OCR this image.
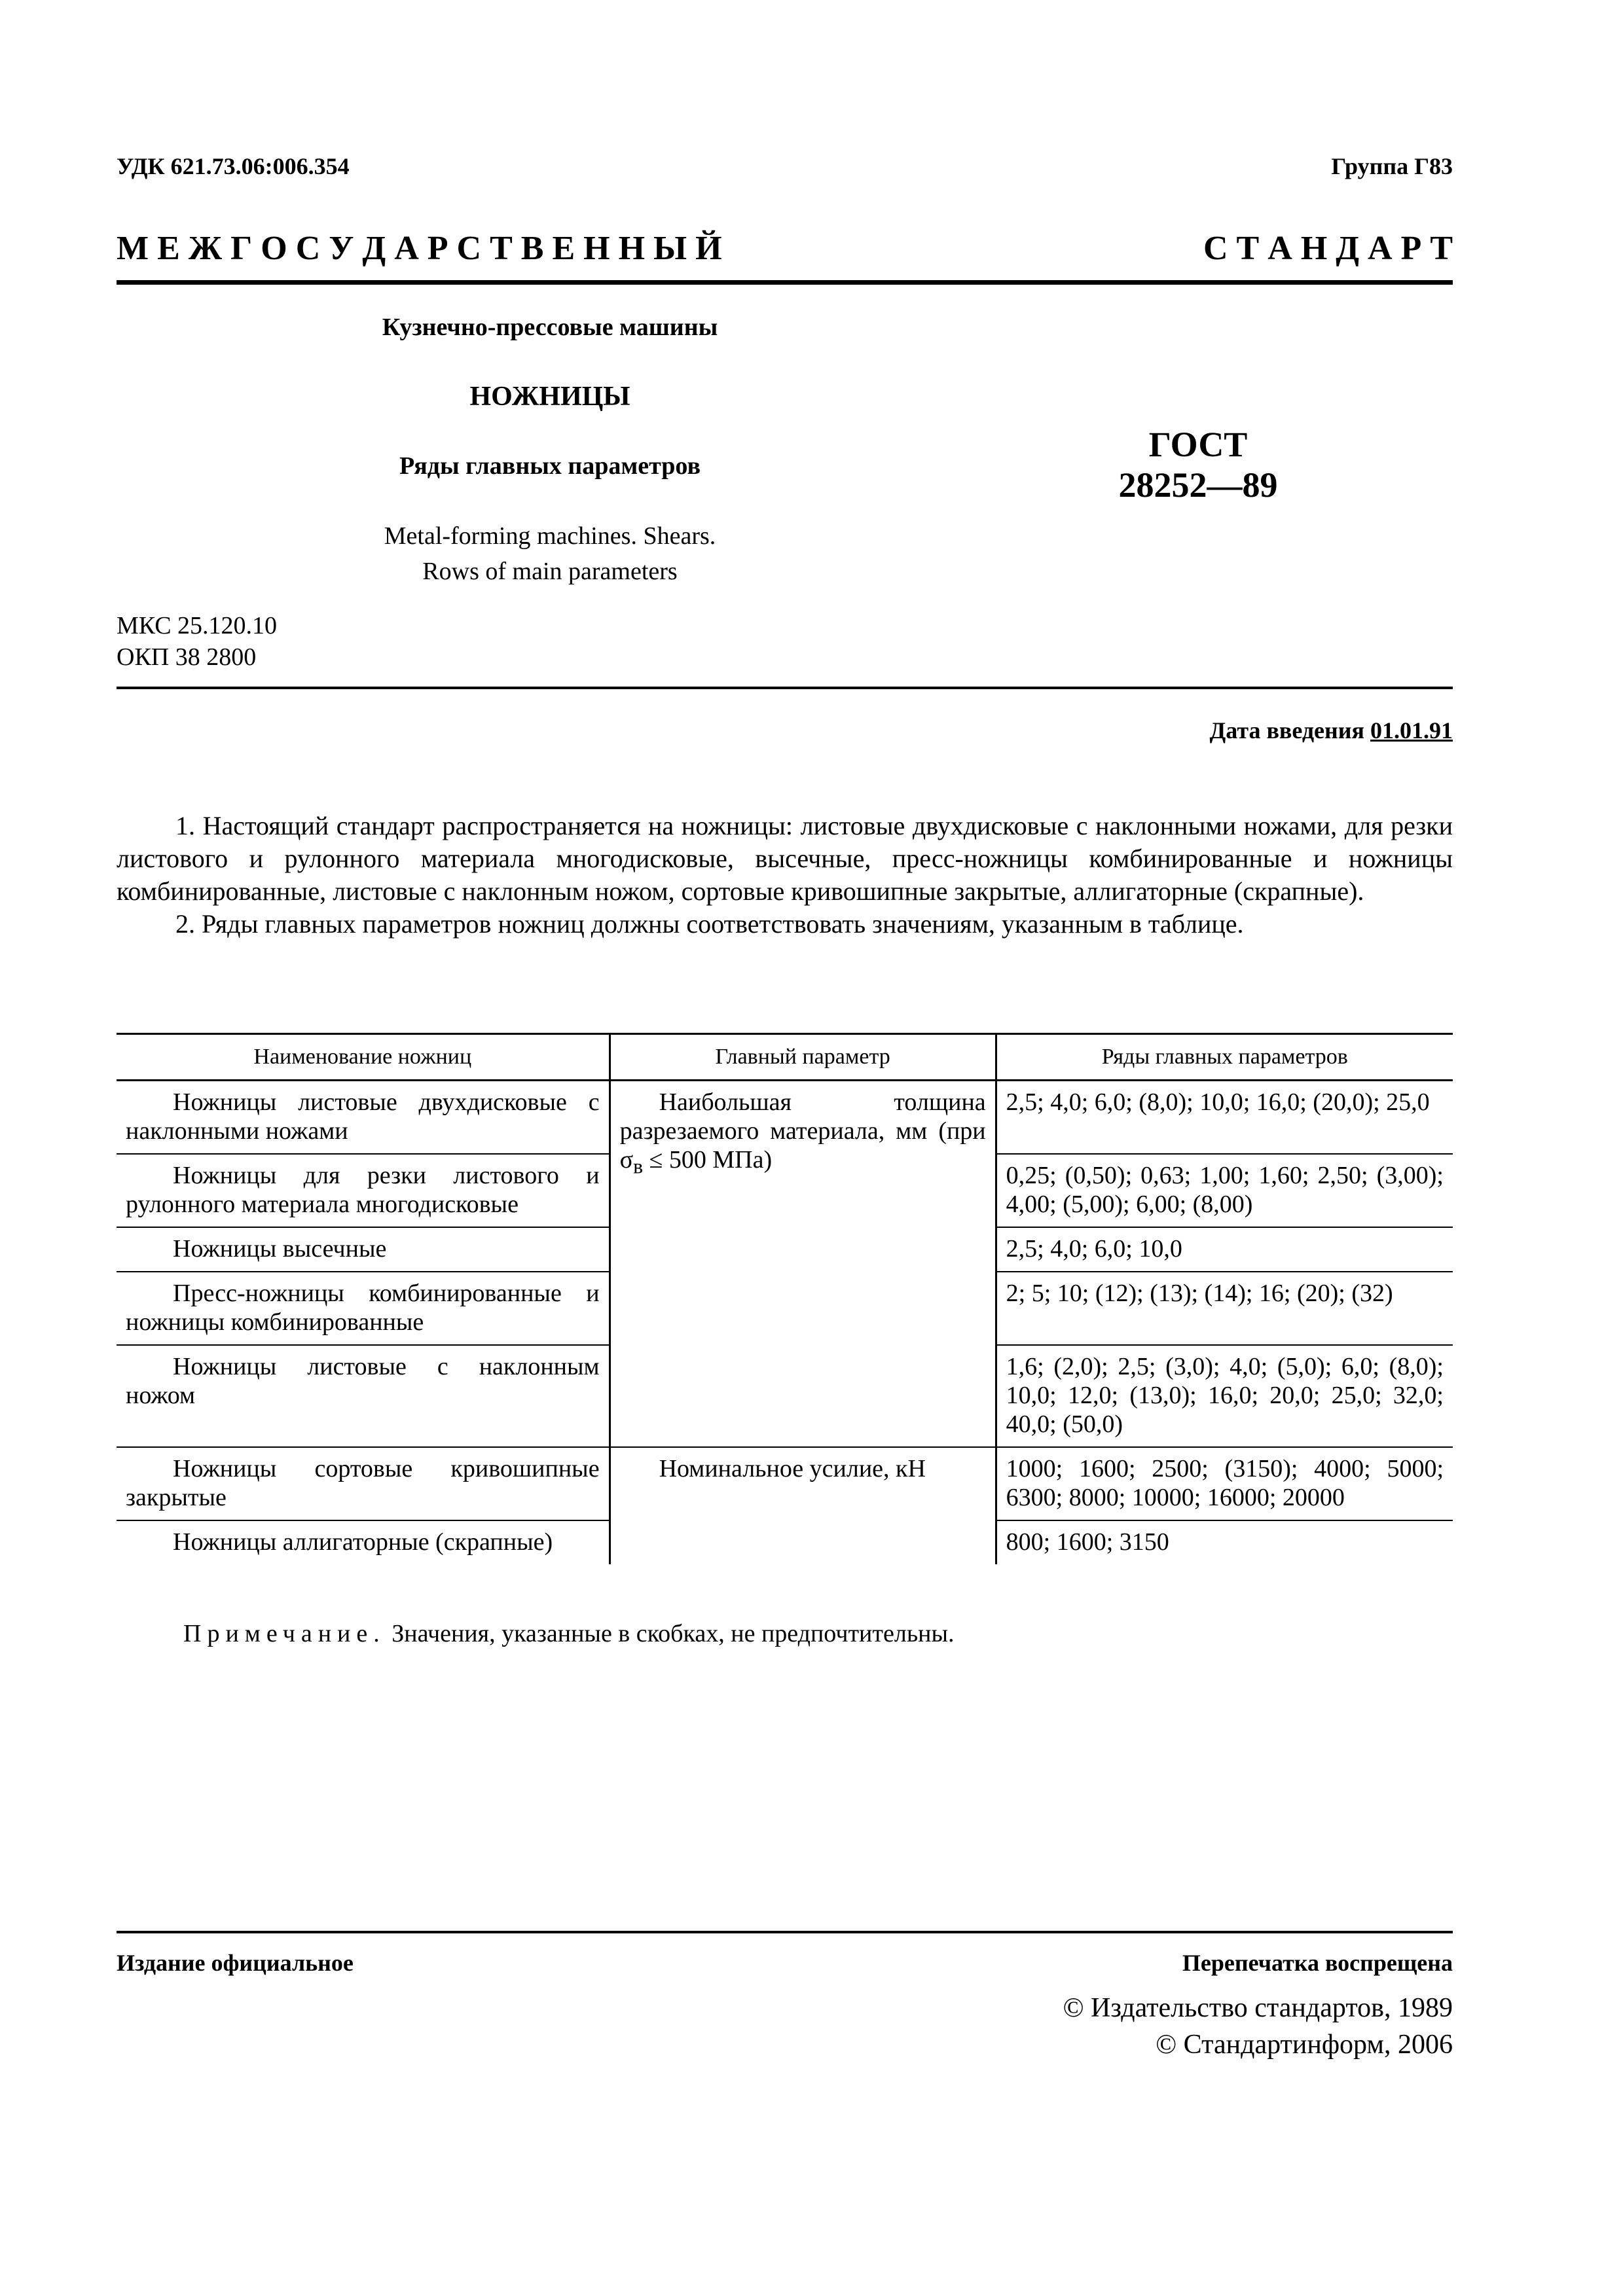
УДК 621.73.06:006.354	Группа Г83
М Е Ж Г О С У Д А Р С Т В Е Н Н Ы Й	С Т А Н Д А Р Т
Кузнечно-прессовые машины
НОЖНИЦЫ
Ряды главных параметров
Metal-forming machines. Shears.
Rows of main parameters
ГОСТ
28252—89
МКС 25.120.10
ОКП 38 2800
Дата введения 01.01.91

1. Настоящий стандарт распространяется на ножницы: листовые двухдисковые с наклонными ножами, для резки листового и рулонного материала многодисковые, высечные, пресс-ножницы комбинированные и ножницы комбинированные, листовые с наклонным ножом, сортовые кривошипные закрытые, аллигаторные (скрапные).

2. Ряды главных параметров ножниц должны соответствовать значениям, указанным в таблице.

Наименование ножниц	Главный параметр	Ряды главных параметров
Ножницы листовые двухдисковые с наклонными ножами	Наибольшая толщина разрезаемого материала, мм (при $\sigma_в \le 500$ МПа)	2,5; 4,0; 6,0; (8,0); 10,0; 16,0; (20,0); 25,0
Ножницы для резки листового и рулонного материала многодисковые		0,25; (0,50); 0,63; 1,00; 1,60; 2,50; (3,00); 4,00; (5,00); 6,00; (8,00)
Ножницы высечные		2,5; 4,0; 6,0; 10,0
Пресс-ножницы комбинированные и ножницы комбинированные		2; 5; 10; (12); (13); (14); 16; (20); (32)
Ножницы листовые с наклонным ножом		1,6; (2,0); 2,5; (3,0); 4,0; (5,0); 6,0; (8,0); 10,0; 12,0; (13,0); 16,0; 20,0; 25,0; 32,0; 40,0; (50,0)
Ножницы сортовые кривошипные закрытые	Номинальное усилие, кН	1000; 1600; 2500; (3150); 4000; 5000; 6300; 8000; 10000; 16000; 20000
Ножницы аллигаторные (скрапные)		800; 1600; 3150
Примечание. Значения, указанные в скобках, не предпочтительны.
Издание официальное	Перепечатка воспрещена
© Издательство стандартов, 1989
© Стандартинформ, 2006
